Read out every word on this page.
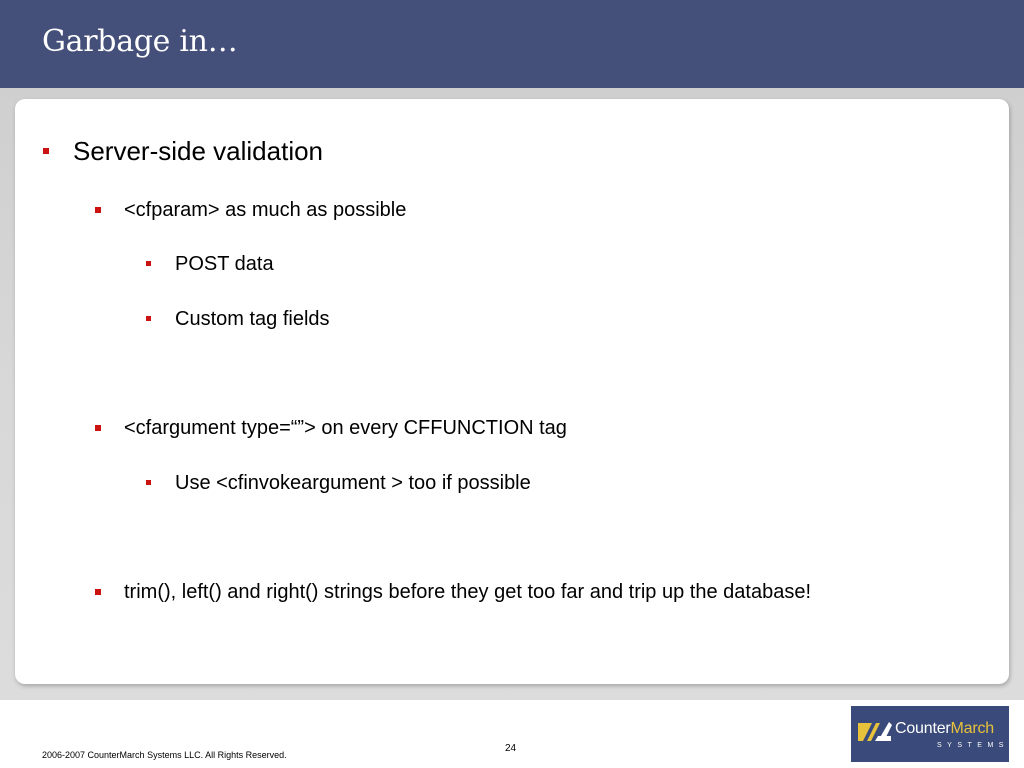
Garbage in…
Server-side validation
<cfparam> as much as possible
POST data
Custom tag fields
<cfargument type=“”> on every CFFUNCTION tag
Use <cfinvokeargument > too if possible
trim(), left() and right() strings before they get too far and trip up the database!
2006-2007 CounterMarch Systems LLC. All Rights Reserved.
24
CounterMarch
SYSTEMS
